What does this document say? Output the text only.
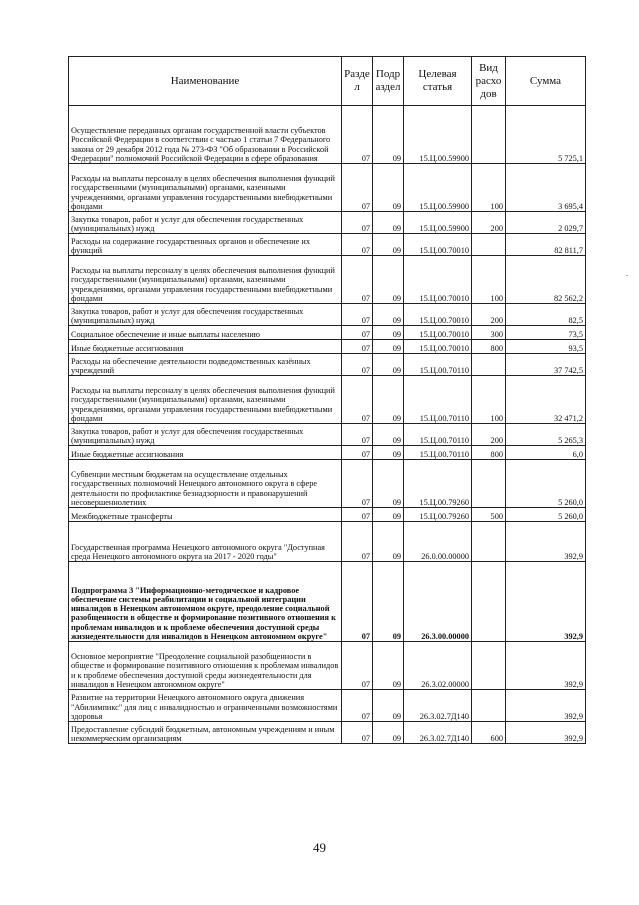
Наименование	Разде л	Подр аздел	Целевая статья	Вид расхо дов	Сумма
Осуществление переданных органам государственной власти субъектов Российской Федерации в соответствии с частью 1 статьи 7 Федерального закона от 29 декабря 2012 года № 273-ФЗ "Об образовании в Российской Федерации" полномочий Российской Федерации в сфере образования	07	09	15.Ц.00.59900		5 725,1
Расходы на выплаты персоналу в целях обеспечения выполнения функций государственными (муниципальными) органами, казенными учреждениями, органами управления государственными внебюджетными фондами	07	09	15.Ц.00.59900	100	3 695,4
Закупка товаров, работ и услуг для обеспечения государственных (муниципальных) нужд	07	09	15.Ц.00.59900	200	2 029,7
Расходы на содержание государственных органов и обеспечение их функций	07	09	15.Ц.00.70010		82 811,7
Расходы на выплаты персоналу в целях обеспечения выполнения функций государственными (муниципальными) органами, казенными учреждениями, органами управления государственными внебюджетными фондами	07	09	15.Ц.00.70010	100	82 562,2
Закупка товаров, работ и услуг для обеспечения государственных (муниципальных) нужд	07	09	15.Ц.00.70010	200	82,5
Социальное обеспечение и иные выплаты населению	07	09	15.Ц.00.70010	300	73,5
Иные бюджетные ассигнования	07	09	15.Ц.00.70010	800	93,5
Расходы на обеспечение деятельности подведомственных казённых учреждений	07	09	15.Ц.00.70110		37 742,5
Расходы на выплаты персоналу в целях обеспечения выполнения функций государственными (муниципальными) органами, казенными учреждениями, органами управления государственными внебюджетными фондами	07	09	15.Ц.00.70110	100	32 471,2
Закупка товаров, работ и услуг для обеспечения государственных (муниципальных) нужд	07	09	15.Ц.00.70110	200	5 265,3
Иные бюджетные ассигнования	07	09	15.Ц.00.70110	800	6,0
Субвенции местным бюджетам на осуществление отдельных государственных полномочий Ненецкого автономного округа в сфере деятельности по профилактике безнадзорности и правонарушений несовершеннолетних	07	09	15.Ц.00.79260		5 260,0
Межбюджетные трансферты	07	09	15.Ц.00.79260	500	5 260,0
Государственная программа Ненецкого автономного округа "Доступная среда Ненецкого автономного округа на 2017 - 2020 годы"	07	09	26.0.00.00000		392,9
Подпрограмма 3 "Информационно-методическое и кадровое обеспечение системы реабилитации и социальной интеграции инвалидов в Ненецком автономном округе, преодоление социальной разобщенности в обществе и формирование позитивного отношения к проблемам инвалидов и к проблеме обеспечения доступной среды жизнедеятельности для инвалидов в Ненецком автономном округе"	07	09	26.3.00.00000		392,9
Основное мероприятие "Преодоление социальной разобщенности в обществе и формирование позитивного отношения к проблемам инвалидов и к проблеме обеспечения доступной среды жизнедеятельности для инвалидов в Ненецком автономном округе"	07	09	26.3.02.00000		392,9
Развитие на территории Ненецкого автономного округа движения "Абилимпикс" для лиц с инвалидностью и ограниченными возможностями здоровья	07	09	26.3.02.7Д140		392,9
Предоставление субсидий бюджетным, автономным учреждениям и иным некоммерческим организациям	07	09	26.3.02.7Д140	600	392,9
49
.
